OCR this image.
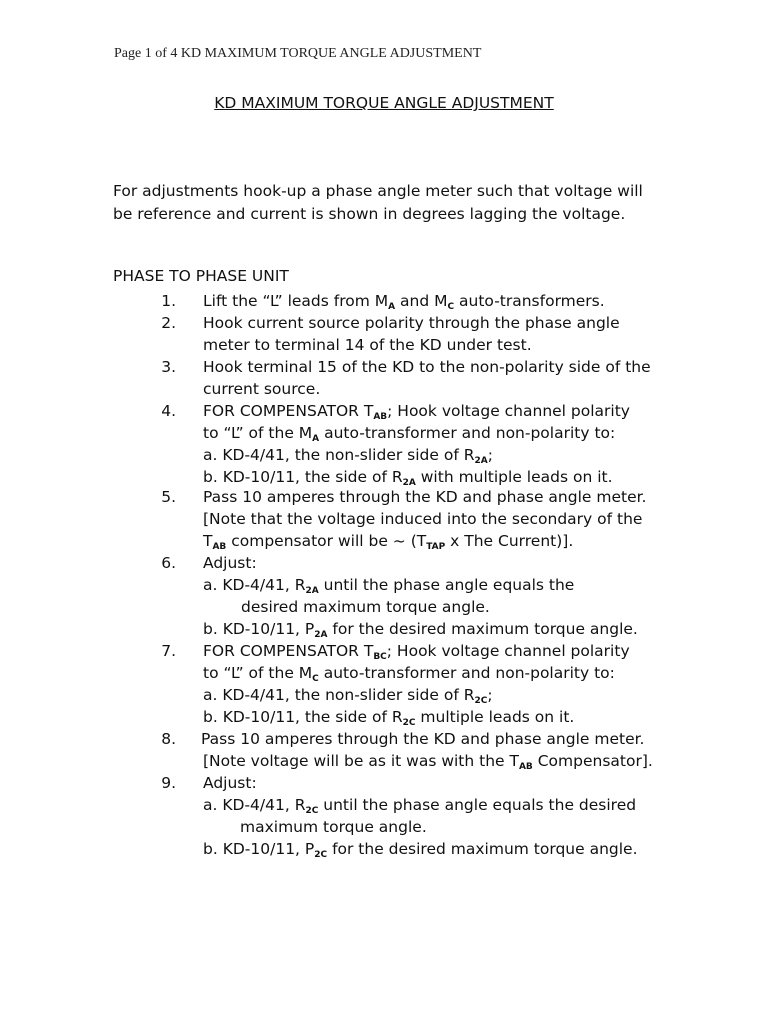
Page 1 of 4 KD MAXIMUM TORQUE ANGLE ADJUSTMENT
KD MAXIMUM TORQUE ANGLE ADJUSTMENT
For adjustments hook-up a phase angle meter such that voltage will
be reference and current is shown in degrees lagging the voltage.
PHASE TO PHASE UNIT
1.
2.
3.
4.
5.
6.
7.
8.
9.
Lift the “L” leads from $M_A$ and $M_C$ auto-transformers.
Hook current source polarity through the phase angle
meter to terminal 14 of the KD under test.
Hook terminal 15 of the KD to the non-polarity side of the
current source.
FOR COMPENSATOR $T_{AB}$; Hook voltage channel polarity
to “L” of the $M_A$ auto-transformer and non-polarity to:
a. KD-4/41, the non-slider side of $R_{2A}$;
b. KD-10/11, the side of $R_{2A}$ with multiple leads on it.
Pass 10 amperes through the KD and phase angle meter.
[Note that the voltage induced into the secondary of the
$T_{AB}$ compensator will be ~ ($T_{TAP}$ x The Current)].
Adjust:
a. KD-4/41, $R_{2A}$ until the phase angle equals the
desired maximum torque angle.
b. KD-10/11, $P_{2A}$ for the desired maximum torque angle.
FOR COMPENSATOR $T_{BC}$; Hook voltage channel polarity
to “L” of the $M_C$ auto-transformer and non-polarity to:
a. KD-4/41, the non-slider side of $R_{2C}$;
b. KD-10/11, the side of $R_{2C}$ multiple leads on it.
Pass 10 amperes through the KD and phase angle meter.
[Note voltage will be as it was with the $T_{AB}$ Compensator].
Adjust:
a. KD-4/41, $R_{2C}$ until the phase angle equals the desired
maximum torque angle.
b. KD-10/11, $P_{2C}$ for the desired maximum torque angle.
